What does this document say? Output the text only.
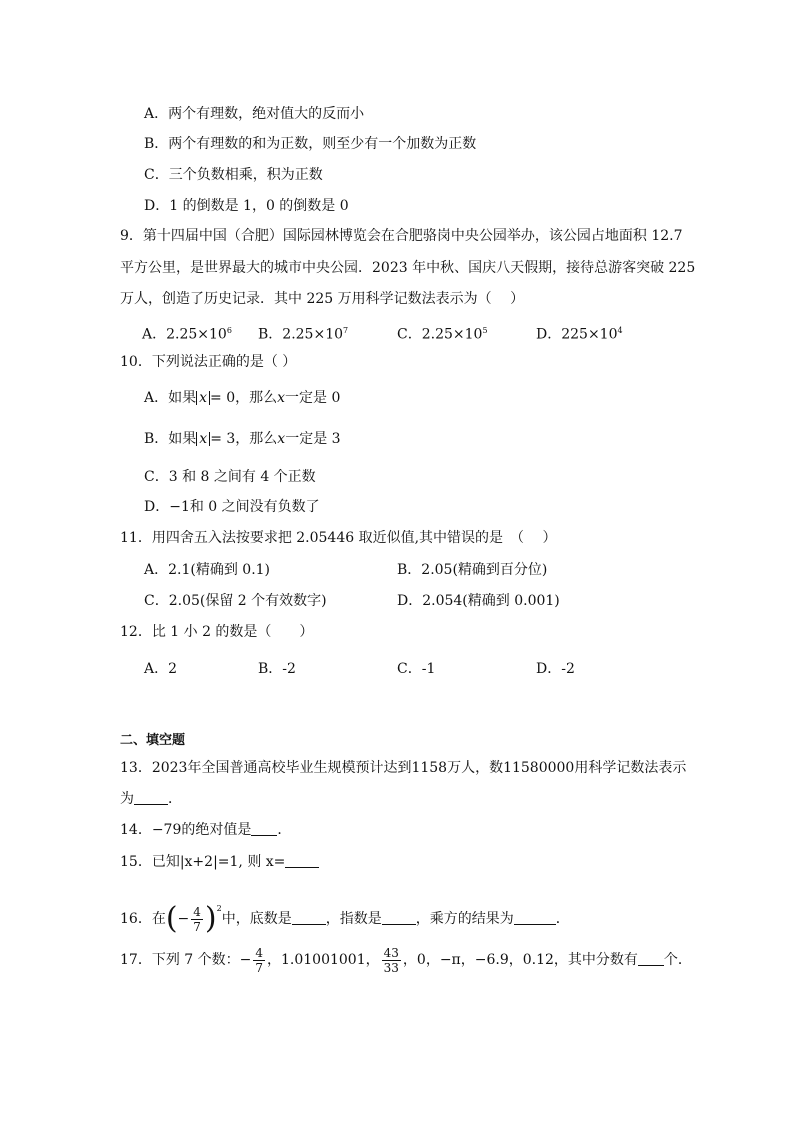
A．两个有理数，绝对值大的反而小
B．两个有理数的和为正数，则至少有一个加数为正数
C．三个负数相乘，积为正数
D．1 的倒数是 1，0 的倒数是 0
9．第十四届中国（合肥）国际园林博览会在合肥骆岗中央公园举办，该公园占地面积 12.7
平方公里，是世界最大的城市中央公园．2023 年中秋、国庆八天假期，接待总游客突破 225
万人，创造了历史记录．其中 225 万用科学记数法表示为（　 ）
A．$2.25\times 10^6$ B．$2.25\times 10^7$	C．$2.25\times 10^5$	D．$225\times 10^4$
10．下列说法正确的是（ ）
A．如果 x = 0，那么x一定是 0
B．如果 x = 3，那么x一定是 3
C．3 和 8 之间有 4 个正数
D．−1和 0 之间没有负数了
11．用四舍五入法按要求把 2.05446 取近似值,其中错误的是　（　 ）
A．2.1(精确到 0.1)	B．2.05(精确到百分位)
C．2.05(保留 2 个有效数字)	D．2.054(精确到 0.001)
12．比 1 小 2 的数是（　　）
A．2	B．-2	C．-1	D．-2
二、填空题
13．2023年全国普通高校毕业生规模预计达到1158万人，数11580000用科学记数法表示
为 ．
14．−79的绝对值是 ．
15．已知|x+2|=1, 则 x=
16．在(− $\frac{4}{7} )^2$中，底数是 ，指数是 ，乘方的结果为	．
17．下列 7 个数：− $\frac{4}{7}$ ，1.01001001， $\frac{43}{33}$ ，0，−π，−6.9，0.12，其中分数有 个．
